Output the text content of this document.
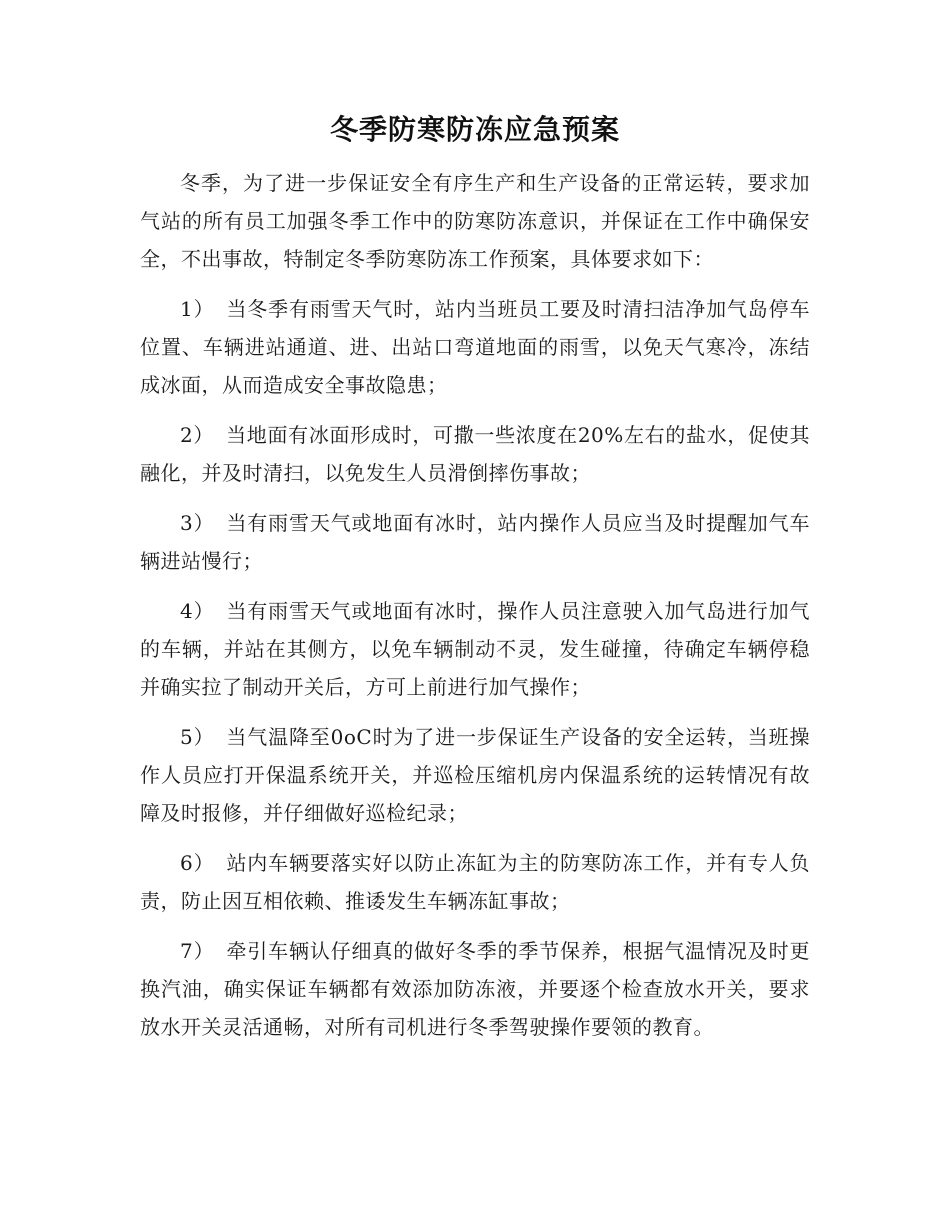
冬季防寒防冻应急预案

冬季，为了进一步保证安全有序生产和生产设备的正常运转，要求加气站的所有员工加强冬季工作中的防寒防冻意识，并保证在工作中确保安全，不出事故，特制定冬季防寒防冻工作预案，具体要求如下：

1） 当冬季有雨雪天气时，站内当班员工要及时清扫洁净加气岛停车位置、车辆进站通道、进、出站口弯道地面的雨雪，以免天气寒冷，冻结成冰面，从而造成安全事故隐患；

2） 当地面有冰面形成时，可撒一些浓度在20%左右的盐水，促使其融化，并及时清扫，以免发生人员滑倒摔伤事故；

3） 当有雨雪天气或地面有冰时，站内操作人员应当及时提醒加气车辆进站慢行；

4） 当有雨雪天气或地面有冰时，操作人员注意驶入加气岛进行加气的车辆，并站在其侧方，以免车辆制动不灵，发生碰撞，待确定车辆停稳并确实拉了制动开关后，方可上前进行加气操作；

5） 当气温降至0oC时为了进一步保证生产设备的安全运转，当班操作人员应打开保温系统开关，并巡检压缩机房内保温系统的运转情况有故障及时报修，并仔细做好巡检纪录；

6） 站内车辆要落实好以防止冻缸为主的防寒防冻工作，并有专人负责，防止因互相依赖、推诿发生车辆冻缸事故；

7） 牵引车辆认仔细真的做好冬季的季节保养，根据气温情况及时更换汽油，确实保证车辆都有效添加防冻液，并要逐个检查放水开关，要求放水开关灵活通畅，对所有司机进行冬季驾驶操作要领的教育。
